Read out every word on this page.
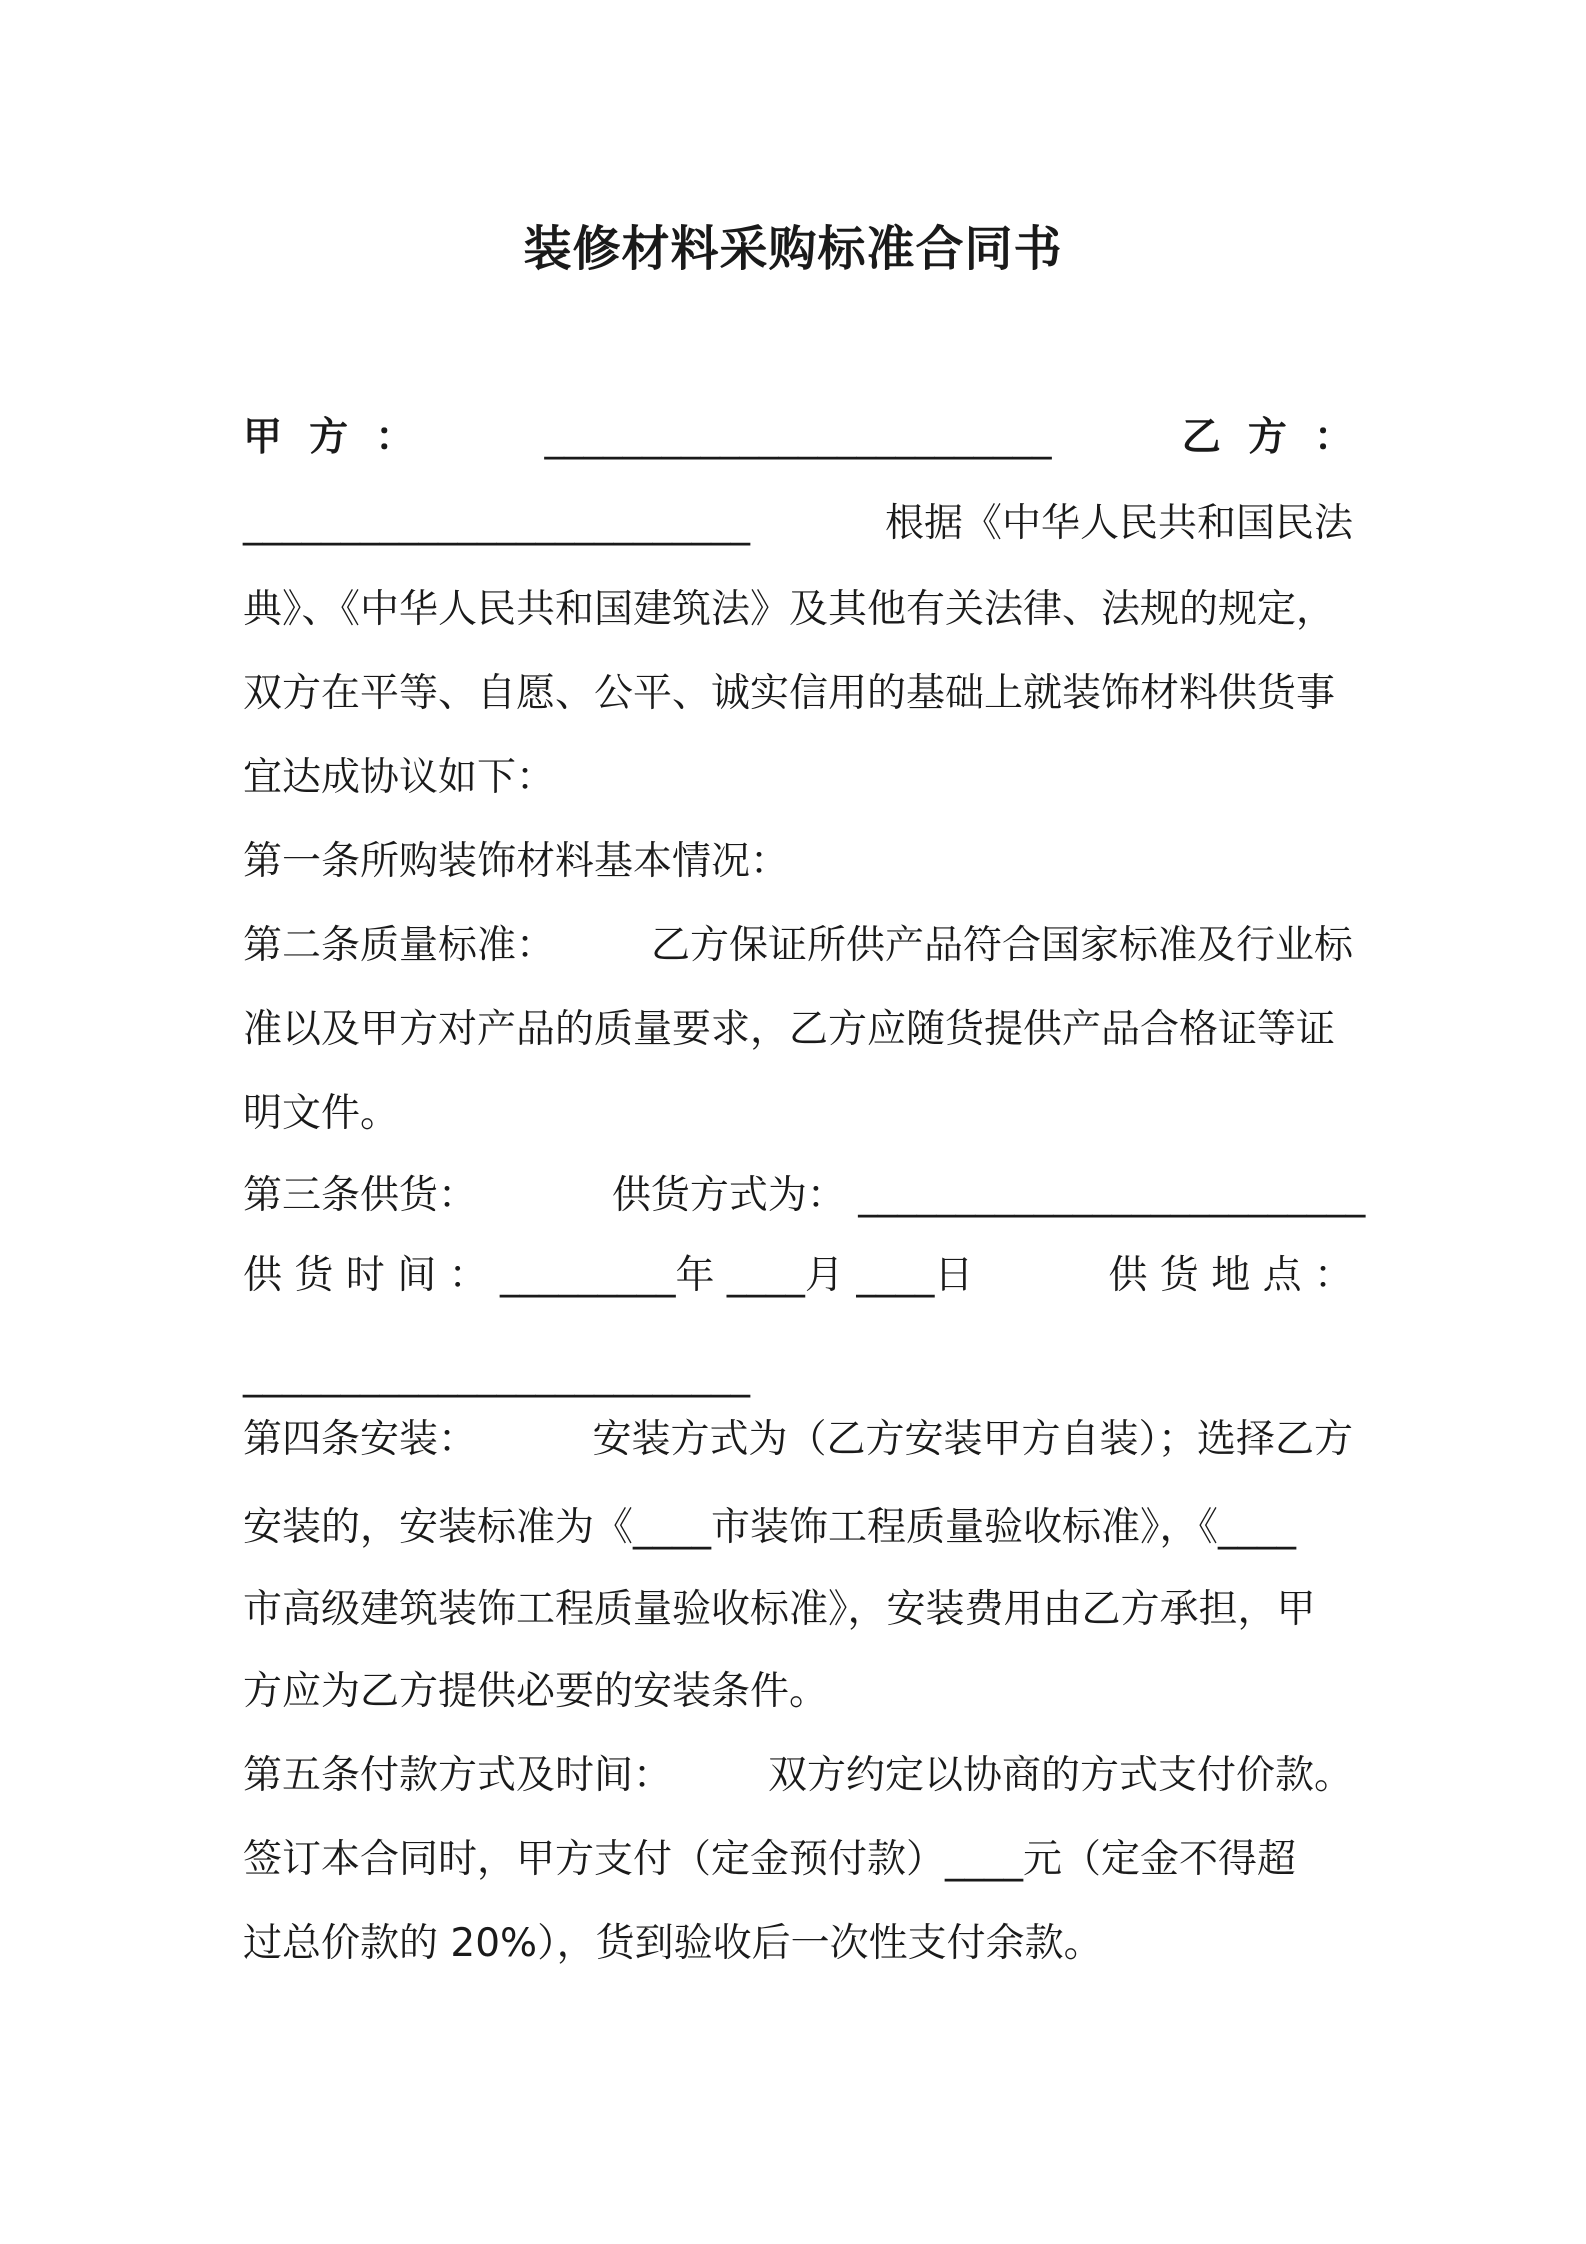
装修材料采购标准合同书
甲  方  ：	__________________________	乙  方  ：
__________________________	根据《中华人民共和国民法
典》、《中华人民共和国建筑法》及其他有关法律、法规的规定，
双方在平等、自愿、公平、诚实信用的基础上就装饰材料供货事
宜达成协议如下：
第一条所购装饰材料基本情况：
第二条质量标准： 乙方保证所供产品符合国家标准及行业标
准以及甲方对产品的质量要求，乙方应随货提供产品合格证等证
明文件。
第三条供货：	供货方式为： __________________________
供 货 时 间 ： _________年 ____月 ____日	供 货 地 点 ：
__________________________
第四条安装：	安装方式为（乙方安装甲方自装）；选择乙方
安装的，安装标准为《____市装饰工程质量验收标准》，《____
市高级建筑装饰工程质量验收标准》，安装费用由乙方承担，甲
方应为乙方提供必要的安装条件。
第五条付款方式及时间： 双方约定以协商的方式支付价款。
签订本合同时，甲方支付（定金预付款）____元（定金不得超
过总价款的 20%），货到验收后一次性支付余款。
